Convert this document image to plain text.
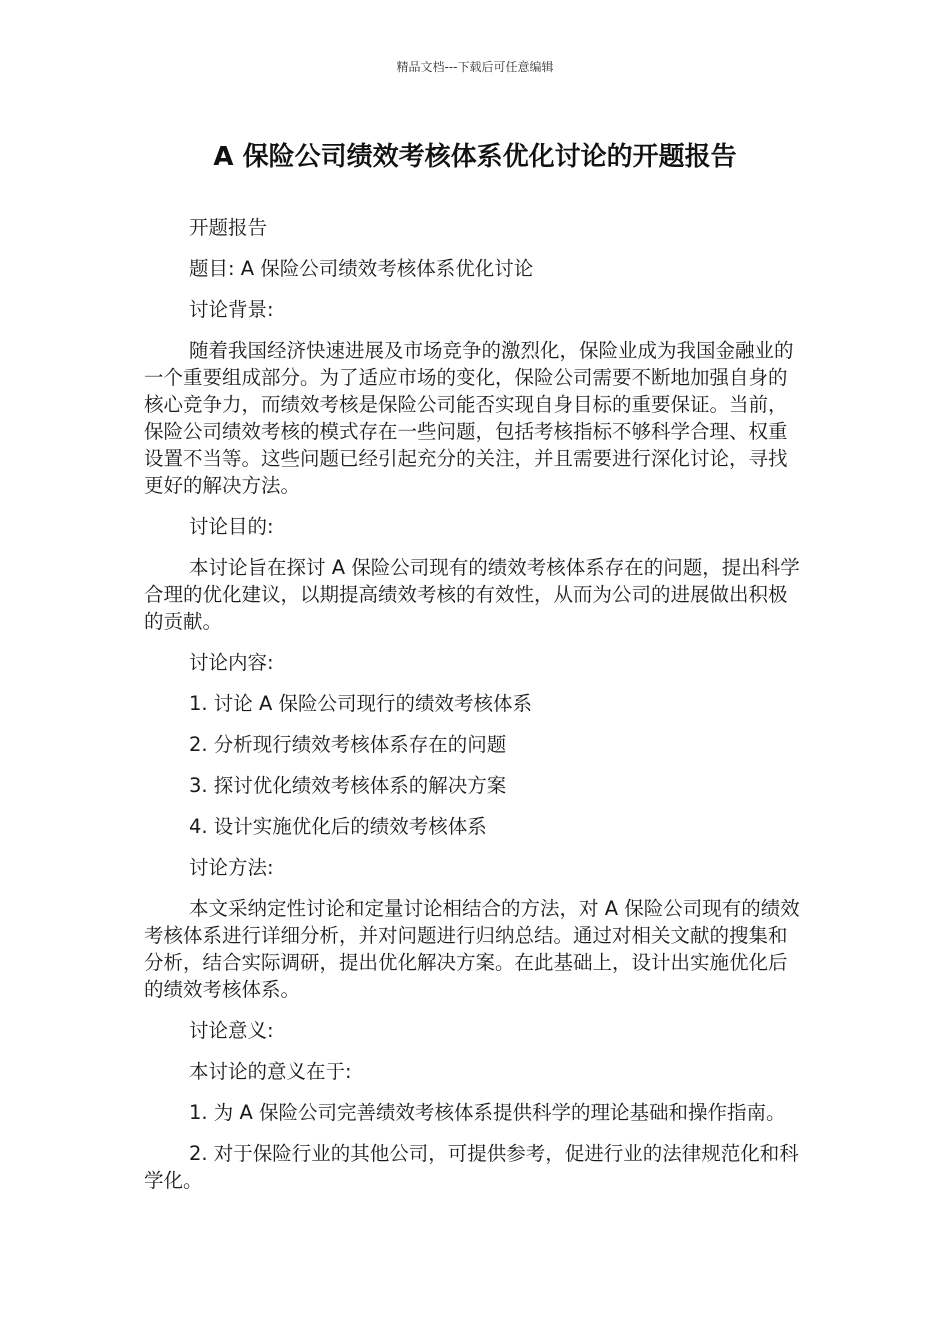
精品文档---下载后可任意编辑
A 保险公司绩效考核体系优化讨论的开题报告

开题报告

题目: A 保险公司绩效考核体系优化讨论

讨论背景:

随着我国经济快速进展及市场竞争的激烈化，保险业成为我国金融业的一个重要组成部分。为了适应市场的变化，保险公司需要不断地加强自身的核心竞争力，而绩效考核是保险公司能否实现自身目标的重要保证。当前，保险公司绩效考核的模式存在一些问题，包括考核指标不够科学合理、权重设置不当等。这些问题已经引起充分的关注，并且需要进行深化讨论，寻找更好的解决方法。

讨论目的:

本讨论旨在探讨 A 保险公司现有的绩效考核体系存在的问题，提出科学合理的优化建议，以期提高绩效考核的有效性，从而为公司的进展做出积极的贡献。

讨论内容:

1. 讨论 A 保险公司现行的绩效考核体系

2. 分析现行绩效考核体系存在的问题

3. 探讨优化绩效考核体系的解决方案

4. 设计实施优化后的绩效考核体系

讨论方法:

本文采纳定性讨论和定量讨论相结合的方法，对 A 保险公司现有的绩效考核体系进行详细分析，并对问题进行归纳总结。通过对相关文献的搜集和分析，结合实际调研，提出优化解决方案。在此基础上，设计出实施优化后的绩效考核体系。

讨论意义:

本讨论的意义在于:

1. 为 A 保险公司完善绩效考核体系提供科学的理论基础和操作指南。

2. 对于保险行业的其他公司，可提供参考，促进行业的法律规范化和科学化。
